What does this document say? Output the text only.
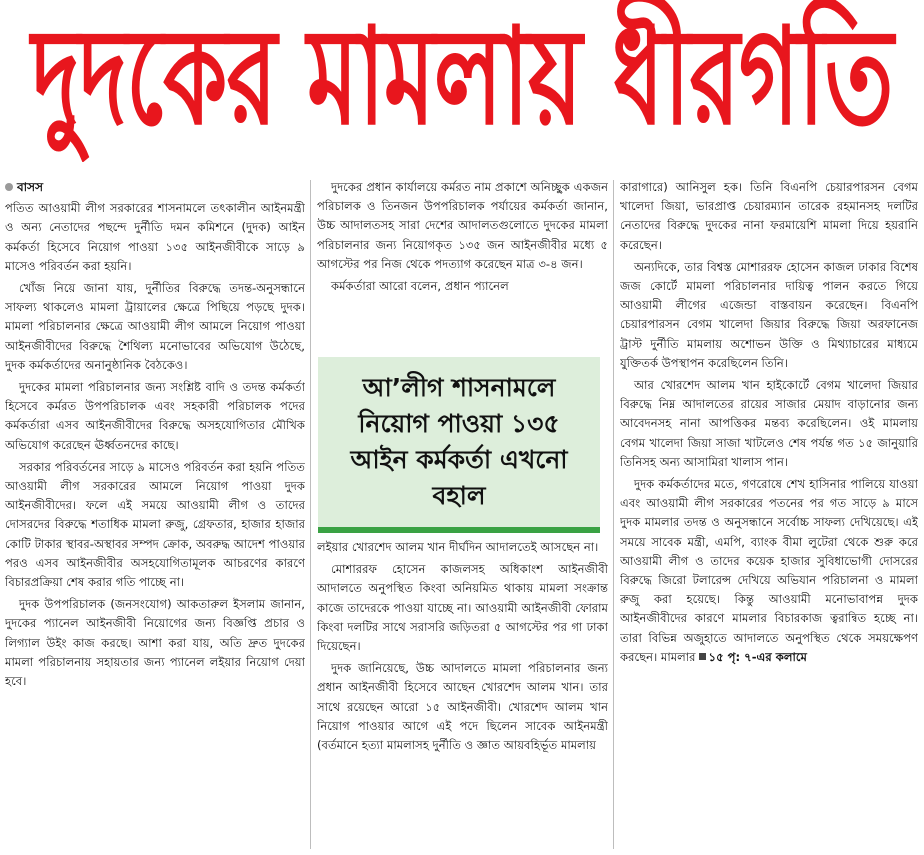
দুদকের মামলায় ধীরগতি
বাসস

পতিত আওয়ামী লীগ সরকারের শাসনামলে তৎকালীন আইনমন্ত্রী ও অন্য নেতাদের পছন্দে দুর্নীতি দমন কমিশনে (দুদক) আইন কর্মকর্তা হিসেবে নিয়োগ পাওয়া ১৩৫ আইনজীবীকে সাড়ে ৯ মাসেও পরিবর্তন করা হয়নি।

খোঁজ নিয়ে জানা যায়, দুর্নীতির বিরুদ্ধে তদন্ত-অনুসন্ধানে সাফল্য থাকলেও মামলা ট্রায়ালের ক্ষেত্রে পিছিয়ে পড়ছে দুদক। মামলা পরিচালনার ক্ষেত্রে আওয়ামী লীগ আমলে নিয়োগ পাওয়া আইনজীবীদের বিরুদ্ধে শৈথিল্য মনোভাবের অভিযোগ উঠেছে, দুদক কর্মকর্তাদের অনানুষ্ঠানিক বৈঠকেও।

দুদকের মামলা পরিচালনার জন্য সংশ্লিষ্ট বাদি ও তদন্ত কর্মকর্তা হিসেবে কর্মরত উপপরিচালক এবং সহকারী পরিচালক পদের কর্মকর্তারা এসব আইনজীবীদের বিরুদ্ধে অসহযোগিতার মৌখিক অভিযোগ করেছেন ঊর্ধ্বতনদের কাছে।

সরকার পরিবর্তনের সাড়ে ৯ মাসেও পরিবর্তন করা হয়নি পতিত আওয়ামী লীগ সরকারের আমলে নিয়োগ পাওয়া দুদক আইনজীবীদের। ফলে এই সময়ে আওয়ামী লীগ ও তাদের দোসরদের বিরুদ্ধে শতাধিক মামলা রুজু, গ্রেফতার, হাজার হাজার কোটি টাকার স্থাবর-অস্থাবর সম্পদ ক্রোক, অবরুদ্ধ আদেশ পাওয়ার পরও এসব আইনজীবীর অসহযোগিতামূলক আচরণের কারণে বিচারপ্রক্রিয়া শেষ করার গতি পাচ্ছে না।

দুদক উপপরিচালক (জনসংযোগ) আকতারুল ইসলাম জানান, দুদকের প্যানেল আইনজীবী নিয়োগের জন্য বিজ্ঞপ্তি প্রচার ও লিগ্যাল উইং কাজ করছে। আশা করা যায়, অতি দ্রুত দুদকের মামলা পরিচালনায় সহায়তার জন্য প্যানেল লইয়ার নিয়োগ দেয়া হবে।

দুদকের প্রধান কার্যালয়ে কর্মরত নাম প্রকাশে অনিচ্ছুক একজন পরিচালক ও তিনজন উপপরিচালক পর্যায়ের কর্মকর্তা জানান, উচ্চ আদালতসহ সারা দেশের আদালতগুলোতে দুদকের মামলা পরিচালনার জন্য নিয়োগকৃত ১৩৫ জন আইনজীবীর মধ্যে ৫ আগস্টের পর নিজ থেকে পদত্যাগ করেছেন মাত্র ৩-৪ জন।

কর্মকর্তারা আরো বলেন, প্রধান প্যানেল

লইয়ার খোরশেদ আলম খান দীর্ঘদিন আদালতেই আসছেন না।

মোশাররফ হোসেন কাজলসহ অধিকাংশ আইনজীবী আদালতে অনুপস্থিত কিংবা অনিয়মিত থাকায় মামলা সংক্রান্ত কাজে তাদেরকে পাওয়া যাচ্ছে না। আওয়ামী আইনজীবী ফোরাম কিংবা দলটির সাথে সরাসরি জড়িতরা ৫ আগস্টের পর গা ঢাকা দিয়েছেন।

দুদক জানিয়েছে, উচ্চ আদালতে মামলা পরিচালনার জন্য প্রধান আইনজীবী হিসেবে আছেন খোরশেদ আলম খান। তার সাথে রয়েছেন আরো ১৫ আইনজীবী। খোরশেদ আলম খান নিয়োগ পাওয়ার আগে এই পদে ছিলেন সাবেক আইনমন্ত্রী (বর্তমানে হত্যা মামলাসহ দুর্নীতি ও জ্ঞাত আয়বহির্ভূত মামলায়

আ’লীগ শাসনামলে নিয়োগ পাওয়া ১৩৫ আইন কর্মকর্তা এখনো বহাল

কারাগারে) আনিসুল হক। তিনি বিএনপি চেয়ারপারসন বেগম খালেদা জিয়া, ভারপ্রাপ্ত চেয়ারম্যান তারেক রহমানসহ দলটির নেতাদের বিরুদ্ধে দুদকের নানা ফরমায়েশি মামলা দিয়ে হয়রানি করেছেন।

অন্যদিকে, তার বিশ্বস্ত মোশাররফ হোসেন কাজল ঢাকার বিশেষ জজ কোর্টে মামলা পরিচালনার দায়িত্ব পালন করতে গিয়ে আওয়ামী লীগের এজেন্ডা বাস্তবায়ন করেছেন। বিএনপি চেয়ারপারসন বেগম খালেদা জিয়ার বিরুদ্ধে জিয়া অরফানেজ ট্রাস্ট দুর্নীতি মামলায় অশোভন উক্তি ও মিথ্যাচারের মাধ্যমে যুক্তিতর্ক উপস্থাপন করেছিলেন তিনি।

আর খোরশেদ আলম খান হাইকোর্টে বেগম খালেদা জিয়ার বিরুদ্ধে নিম্ন আদালতের রায়ের সাজার মেয়াদ বাড়ানোর জন্য আবেদনসহ নানা আপত্তিকর মন্তব্য করেছিলেন। ওই মামলায় বেগম খালেদা জিয়া সাজা খাটলেও শেষ পর্যন্ত গত ১৫ জানুয়ারি তিনিসহ অন্য আসামিরা খালাস পান।

দুদক কর্মকর্তাদের মতে, গণরোষে শেখ হাসিনার পালিয়ে যাওয়া এবং আওয়ামী লীগ সরকারের পতনের পর গত সাড়ে ৯ মাসে দুদক মামলার তদন্ত ও অনুসন্ধানে সর্বোচ্চ সাফল্য দেখিয়েছে। এই সময়ে সাবেক মন্ত্রী, এমপি, ব্যাংক বীমা লুটেরা থেকে শুরু করে আওয়ামী লীগ ও তাদের কয়েক হাজার সুবিধাভোগী দোসরের বিরুদ্ধে জিরো টলারেন্স দেখিয়ে অভিযান পরিচালনা ও মামলা রুজু করা হয়েছে। কিন্তু আওয়ামী মনোভাবাপন্ন দুদক আইনজীবীদের কারণে মামলার বিচারকাজ ত্বরান্বিত হচ্ছে না। তারা বিভিন্ন অজুহাতে আদালতে অনুপস্থিত থেকে সময়ক্ষেপণ করছেন। মামলার ১৫ পৃ: ৭-এর কলামে
